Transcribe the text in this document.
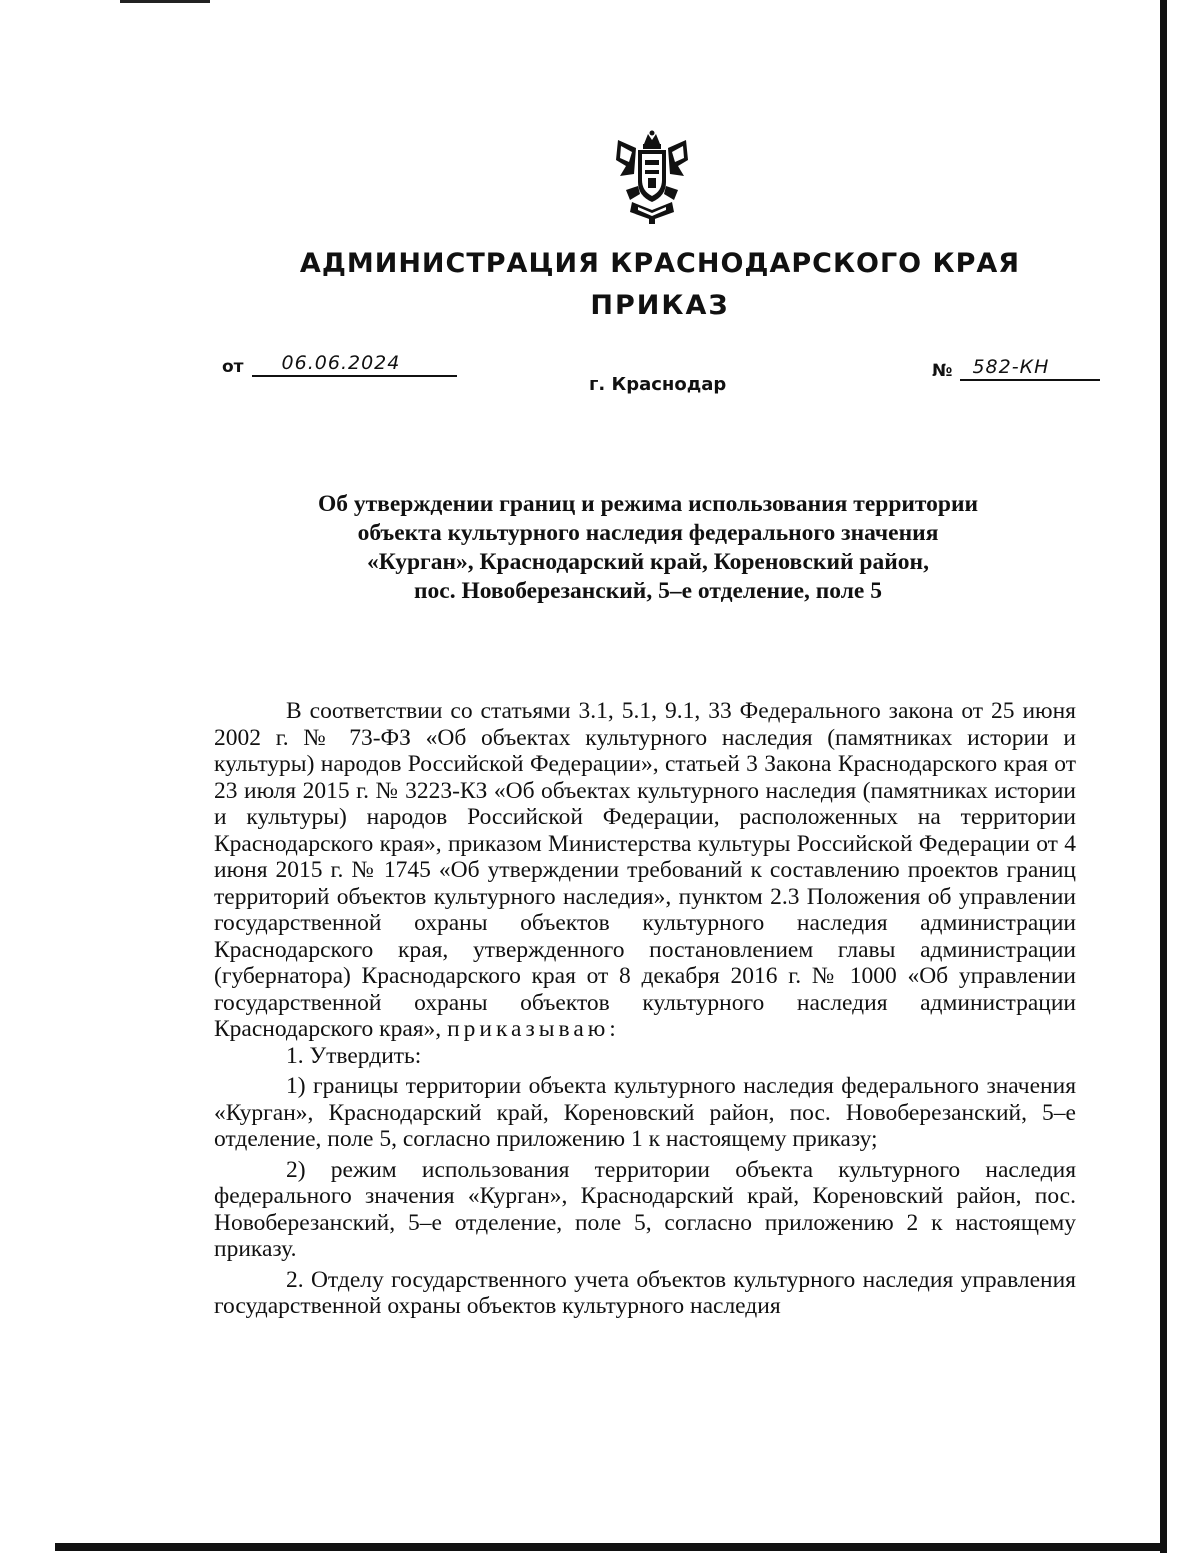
АДМИНИСТРАЦИЯ КРАСНОДАРСКОГО КРАЯ
ПРИКАЗ
от	06.06.2024	№	582-КН
г. Краснодар
Об утверждении границ и режима использования территории
объекта культурного наследия федерального значения
«Курган», Краснодарский край, Кореновский район,
пос. Новоберезанский, 5–е отделение, поле 5

В соответствии со статьями 3.1, 5.1, 9.1, 33 Федерального закона от 25 июня 2002 г. № 73-ФЗ «Об объектах культурного наследия (памятниках истории и культуры) народов Российской Федерации», статьей 3 Закона Краснодарского края от 23 июля 2015 г. № 3223-КЗ «Об объектах культурного наследия (памятниках истории и культуры) народов Российской Федерации, расположенных на территории Краснодарского края», приказом Министерства культуры Российской Федерации от 4 июня 2015 г. № 1745 «Об утверждении требований к составлению проектов границ территорий объектов культурного наследия», пунктом 2.3 Положения об управлении государственной охраны объектов культурного наследия администрации Краснодарского края, утвержденного постановлением главы администрации (губернатора) Краснодарского края от 8 декабря 2016 г. № 1000 «Об управлении государственной охраны объектов культурного наследия администрации Краснодарского края», приказываю:

1. Утвердить:

1) границы территории объекта культурного наследия федерального значения «Курган», Краснодарский край, Кореновский район, пос. Новоберезанский, 5–е отделение, поле 5, согласно приложению 1 к настоящему приказу;

2) режим использования территории объекта культурного наследия федерального значения «Курган», Краснодарский край, Кореновский район, пос. Новоберезанский, 5–е отделение, поле 5, согласно приложению 2 к настоящему приказу.

2. Отделу государственного учета объектов культурного наследия управления государственной охраны объектов культурного наследия
